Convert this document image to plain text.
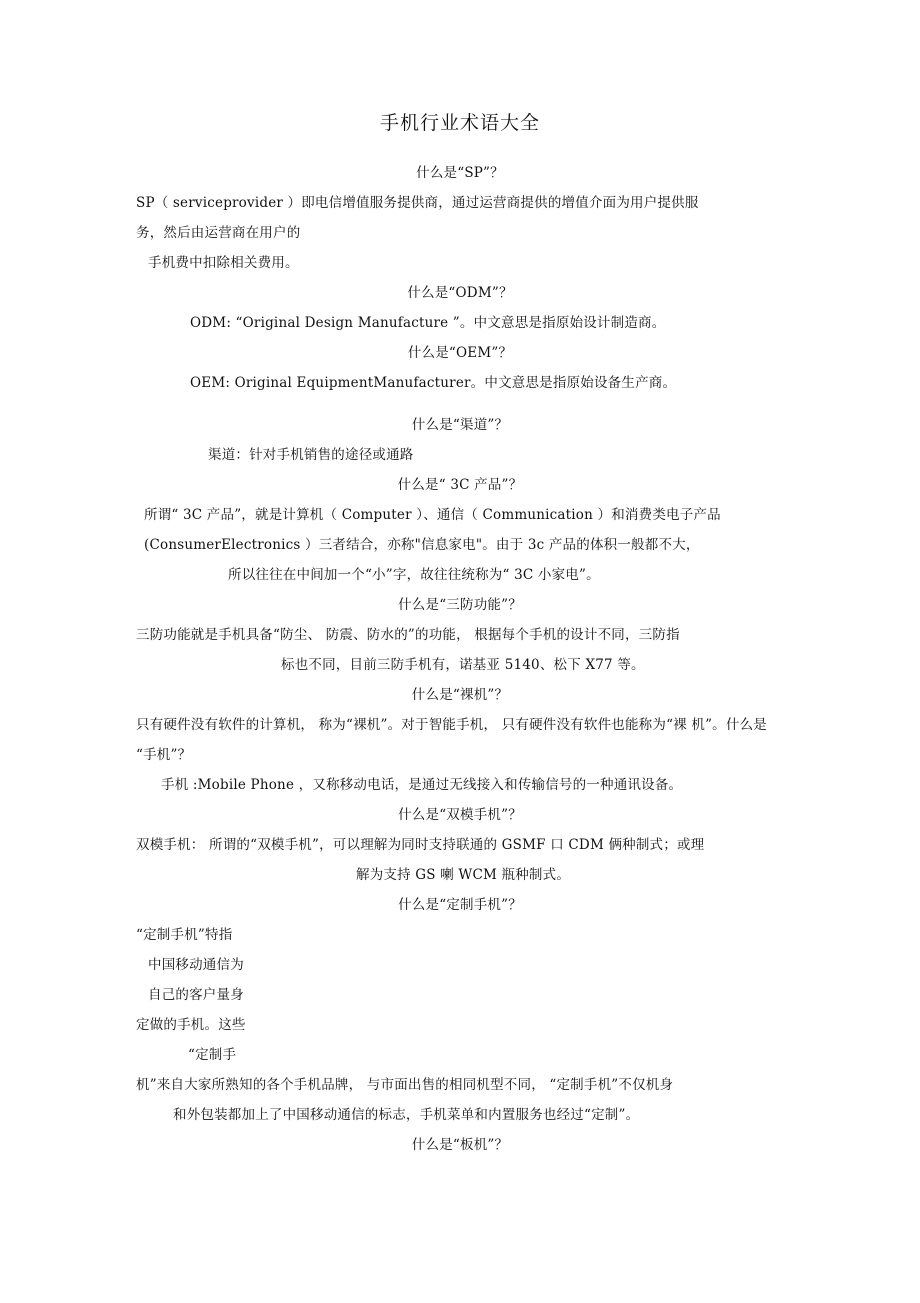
手机行业术语大全
什么是“SP”？
SP（ serviceprovider ）即电信增值服务提供商，通过运营商提供的增值介面为用户提供服
务，然后由运营商在用户的
手机费中扣除相关费用。
什么是“ODM”？
ODM: “Original Design Manufacture ”。中文意思是指原始设计制造商。
什么是“OEM”？
OEM: Original EquipmentManufacturer。中文意思是指原始设备生产商。
什么是“渠道”？
渠道：针对手机销售的途径或通路
什么是“ 3C 产品”？
所谓“ 3C 产品”，就是计算机（ Computer ）、通信（ Communication ）和消费类电子产品
(ConsumerElectronics ）三者结合，亦称"信息家电"。由于 3c 产品的体积一般都不大，
所以往往在中间加一个“小”字，故往往统称为“ 3C 小家电”。
什么是“三防功能”？
三防功能就是手机具备“防尘、 防震、防水的”的功能， 根据每个手机的设计不同，三防指
标也不同，目前三防手机有，诺基亚 5140、松下 X77 等。
什么是“裸机”？
只有硬件没有软件的计算机， 称为“裸机”。对于智能手机， 只有硬件没有软件也能称为“裸 机”。什么是
“手机”？
手机 :Mobile Phone ，又称移动电话，是通过无线接入和传输信号的一种通讯设备。
什么是“双模手机”？
双模手机： 所谓的“双模手机”，可以理解为同时支持联通的 GSMF 口 CDM 俩种制式；或理
解为支持 GS 喇 WCM 瓶种制式。
什么是“定制手机”？
“定制手机”特指
中国移动通信为
自己的客户量身
定做的手机。这些
“定制手
机”来自大家所熟知的各个手机品牌， 与市面出售的相同机型不同， “定制手机”不仅机身
和外包装都加上了中国移动通信的标志，手机菜单和内置服务也经过“定制”。
什么是“板机”？
